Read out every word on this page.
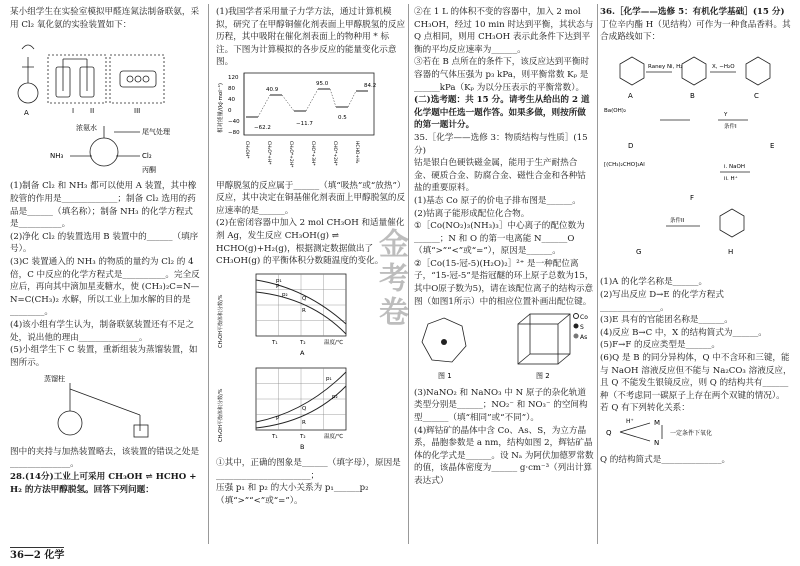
金考卷

某小组学生在实验室模拟甲醛连氮法制备联氨，采用 Cl₂ 氧化氨的实验装置如下：

A	I II	III

浓氨水	尾气处理
NH₃	Cl₂
丙酮

(1)制备 Cl₂ 和 NH₃ 都可以使用 A 装置，其中橡胶管的作用是_____________；制备 Cl₂ 选用的药品是______（填名称）；制备 NH₃ 的化学方程式是__________。

(2)净化 Cl₂ 的装置选用 B 装置中的______（填序号）。

(3)C 装置通入的 NH₃ 的物质的量约为 Cl₂ 的 4 倍，C 中反应的化学方程式是__________。完全反应后，再向其中滴加星麦糖水，使 (CH₃)₂C=N—N=C(CH₃)₂ 水解，所以工业上加水解的目的是________。

(4)该小组有学生认为，制备联氨装置还有不足之处，说出他的理由______________。

(5)小组学生下 C 装置，重新组装为蒸馏装置，如图所示。

蒸馏柱

图中的夹持与加热装置略去，该装置的错误之处是______________。

28.(14分)工业上可采用 CH₃OH ⇌ HCHO + H₂ 的方法甲醇脱氢。回答下列问题：

(1)我国学者采用量子力学方法，通过计算机模拟，研究了在甲醇铜催化剂表面上甲醇脱氢的反应历程，其中吸附在催化剂表面上的物种用 * 标注。下图为计算模拟的各步反应的能量变化示意图。

相对能量/(kJ·mol⁻¹)
120
80
40
0
−40
−80
40.9
−62.2
−11.7
95.0
0.5
84.2
CH₃OH*	CH₂O*+H*	CH₂O*+2H*	CHO*+3H*	CHO*+2H*	HCHO+H₂

甲醇脱氢的反应属于______（填“吸热”或“放热”）反应，其中决定在铜基催化剂表面上甲醇脱氢的反应速率的是______。

(2)在密闭容器中加入 2 mol CH₃OH 和适量催化剂 Ag，发生反应 CH₃OH(g) ⇌ HCHO(g)+H₂(g)，根据测定数据做出了 CH₃OH(g) 的平衡体积分数随温度的变化。

CH₃OH平衡体积分数/%
p₁
p₂
P
Q
R
T₁	T₂	温度/℃
A

CH₃OH平衡体积分数/%
p₁
p₂
P
Q
R
T₁	T₂	温度/℃
B

①其中，正确的图象是______（填字母），原因是______________________；

压强 p₁ 和 p₂ 的大小关系为 p₁______p₂（填“>”“<”或“=”）。

②在 1 L 的体积不变的容器中，加入 2 mol CH₃OH，经过 10 min 时达到平衡，其状态与 Q 点相同，则用 CH₃OH 表示此条件下达到平衡的平均反应速率为______。

③若在 B 点所在的条件下，该反应达到平衡时容器的气体压强为 p₃ kPa，则平衡常数 Kₚ 是______kPa（Kₚ 为以分压表示的平衡常数）。

(二)选考题：共 15 分。请考生从给出的 2 道化学题中任选一题作答。如果多做，则按所做的第一题计分。

35.［化学——选修 3：物质结构与性质］(15 分)

钴是银白色硬铁磁金属，能用于生产耐热合金、硬质合金、防腐合金、磁性合金和各种钴盐的重要原料。

(1)基态 Co 原子的价电子排布图是______。

(2)钴离子能形成配位化合物。

①［Co(NO₂)₃(NH₃)₃］中心离子的配位数为______；N 和 O 的第一电离能 N______O（填“>”“<”或“=”），原因是______。

②［Co(15-冠-5)(H₂O)₂］²⁺ 是一种配位离子，“15-冠-5”是指冠醚的环上原子总数为15，其中O原子数为5)，请在该配位离子的结构示意图（如图1所示）中的相应位置补画出配位键。

Co
S
As
图 1	图 2

(3)NaNO₂ 和 NaNO₃ 中 N 原子的杂化轨道类型分别是______；NO₂⁻ 和 NO₃⁻ 的空间构型______（填“相同”或“不同”）。

(4)辉钴矿的晶体中含 Co、As、S，为立方晶系，晶胞参数是 a nm，结构如图 2，辉钴矿晶体的化学式是______。设 Nₐ 为阿伏加德罗常数的值，该晶体密度为______ g·cm⁻³（列出计算表达式）

36.［化学——选修 5：有机化学基础］(15 分)

丁位辛内酯 H（见结构）可作为一种食品香料。其合成路线如下：

A	B	C
D	E
F
G	H
Raney Ni, H₂	X, −H₂O
Ba(OH)₂
Y
条件I
[(CH₃)₂CHO]₃Al	i. NaOH
ii. H⁺
条件II

(1)A 的化学名称是______。

(2)写出反应 D→E 的化学方程式______________。

(3)E 具有的官能团名称是______。

(4)反应 B→C 中，X 的结构简式为______。

(5)F→F 的反应类型是______。

(6)Q 是 B 的同分异构体，Q 中不含环和三键，能与 NaOH 溶液反应但不能与 Na₂CO₃ 溶液反应，且 Q 不能发生银镜反应，则 Q 的结构共有______种（不考虑同一碳原子上存在两个双键的情况）。若 Q 有下列转化关系：

Q
H⁺	M
N
一定条件下氧化

Q 的结构简式是______________。

36—2 化学
